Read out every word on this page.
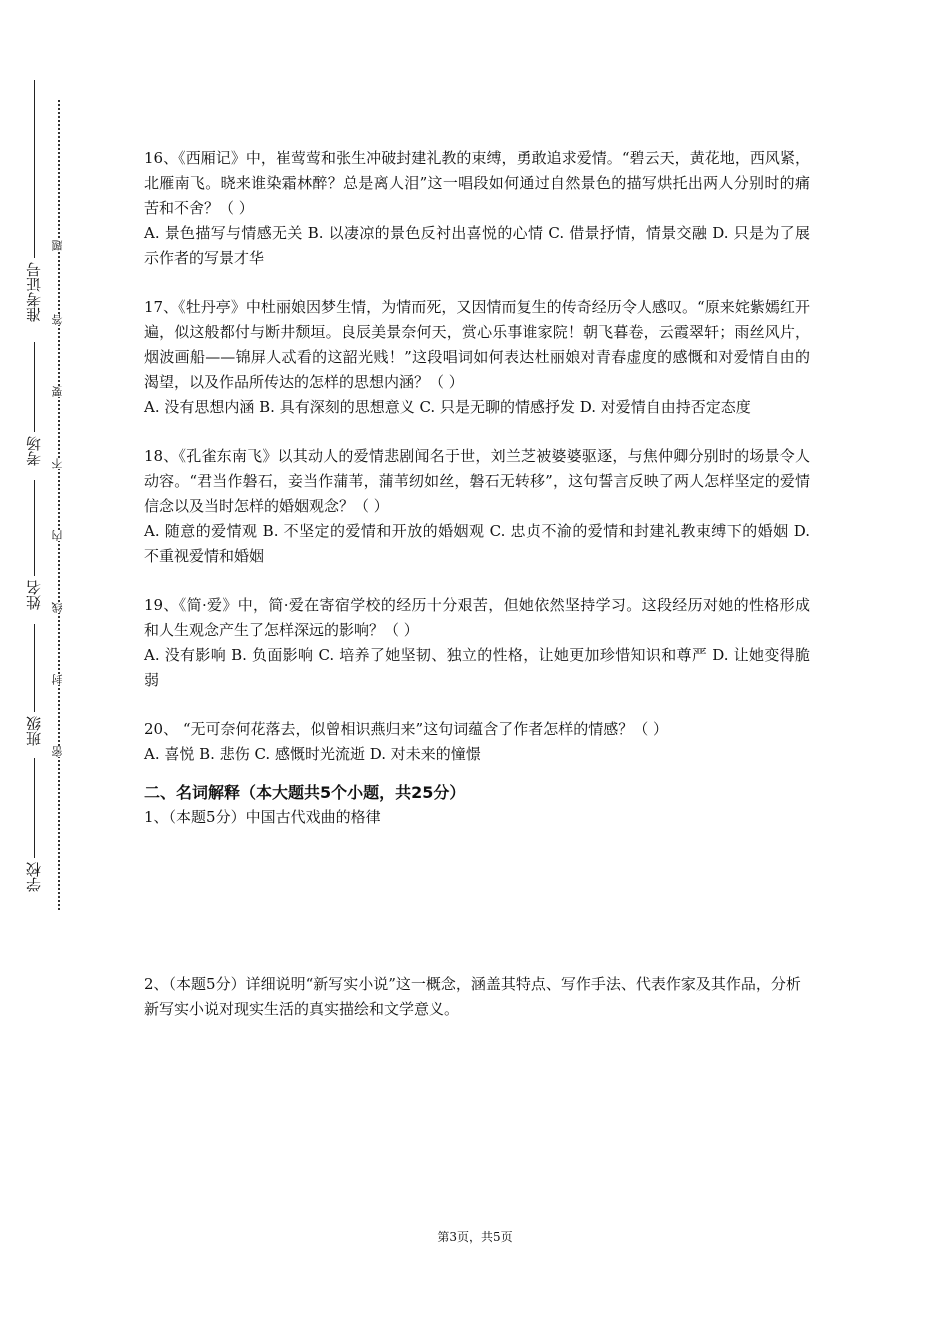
准考证号
考场
姓名
班级
学校
题
答
要
不
内
线
封
密

16、《西厢记》中，崔莺莺和张生冲破封建礼教的束缚，勇敢追求爱情。“碧云天，黄花地，西风紧，北雁南飞。晓来谁染霜林醉？总是离人泪”这一唱段如何通过自然景色的描写烘托出两人分别时的痛苦和不舍？（ ）

A. 景色描写与情感无关 B. 以凄凉的景色反衬出喜悦的心情 C. 借景抒情，情景交融 D. 只是为了展示作者的写景才华

17、《牡丹亭》中杜丽娘因梦生情，为情而死，又因情而复生的传奇经历令人感叹。“原来姹紫嫣红开遍，似这般都付与断井颓垣。良辰美景奈何天，赏心乐事谁家院！朝飞暮卷，云霞翠轩；雨丝风片，烟波画船——锦屏人忒看的这韶光贱！”这段唱词如何表达杜丽娘对青春虚度的感慨和对爱情自由的渴望，以及作品所传达的怎样的思想内涵？（ ）

A. 没有思想内涵 B. 具有深刻的思想意义 C. 只是无聊的情感抒发 D. 对爱情自由持否定态度

18、《孔雀东南飞》以其动人的爱情悲剧闻名于世，刘兰芝被婆婆驱逐，与焦仲卿分别时的场景令人动容。“君当作磐石，妾当作蒲苇，蒲苇纫如丝，磐石无转移”，这句誓言反映了两人怎样坚定的爱情信念以及当时怎样的婚姻观念？（ ）

A. 随意的爱情观 B. 不坚定的爱情和开放的婚姻观 C. 忠贞不渝的爱情和封建礼教束缚下的婚姻 D. 不重视爱情和婚姻

19、《简·爱》中，简·爱在寄宿学校的经历十分艰苦，但她依然坚持学习。这段经历对她的性格形成和人生观念产生了怎样深远的影响？（ ）

A. 没有影响 B. 负面影响 C. 培养了她坚韧、独立的性格，让她更加珍惜知识和尊严 D. 让她变得脆弱

20、 “无可奈何花落去，似曾相识燕归来”这句词蕴含了作者怎样的情感？（ ）

A. 喜悦 B. 悲伤 C. 感慨时光流逝 D. 对未来的憧憬

二、名词解释（本大题共5个小题，共25分）

1、（本题5分）中国古代戏曲的格律

2、（本题5分）详细说明“新写实小说”这一概念，涵盖其特点、写作手法、代表作家及其作品，分析新写实小说对现实生活的真实描绘和文学意义。

第3页，共5页
